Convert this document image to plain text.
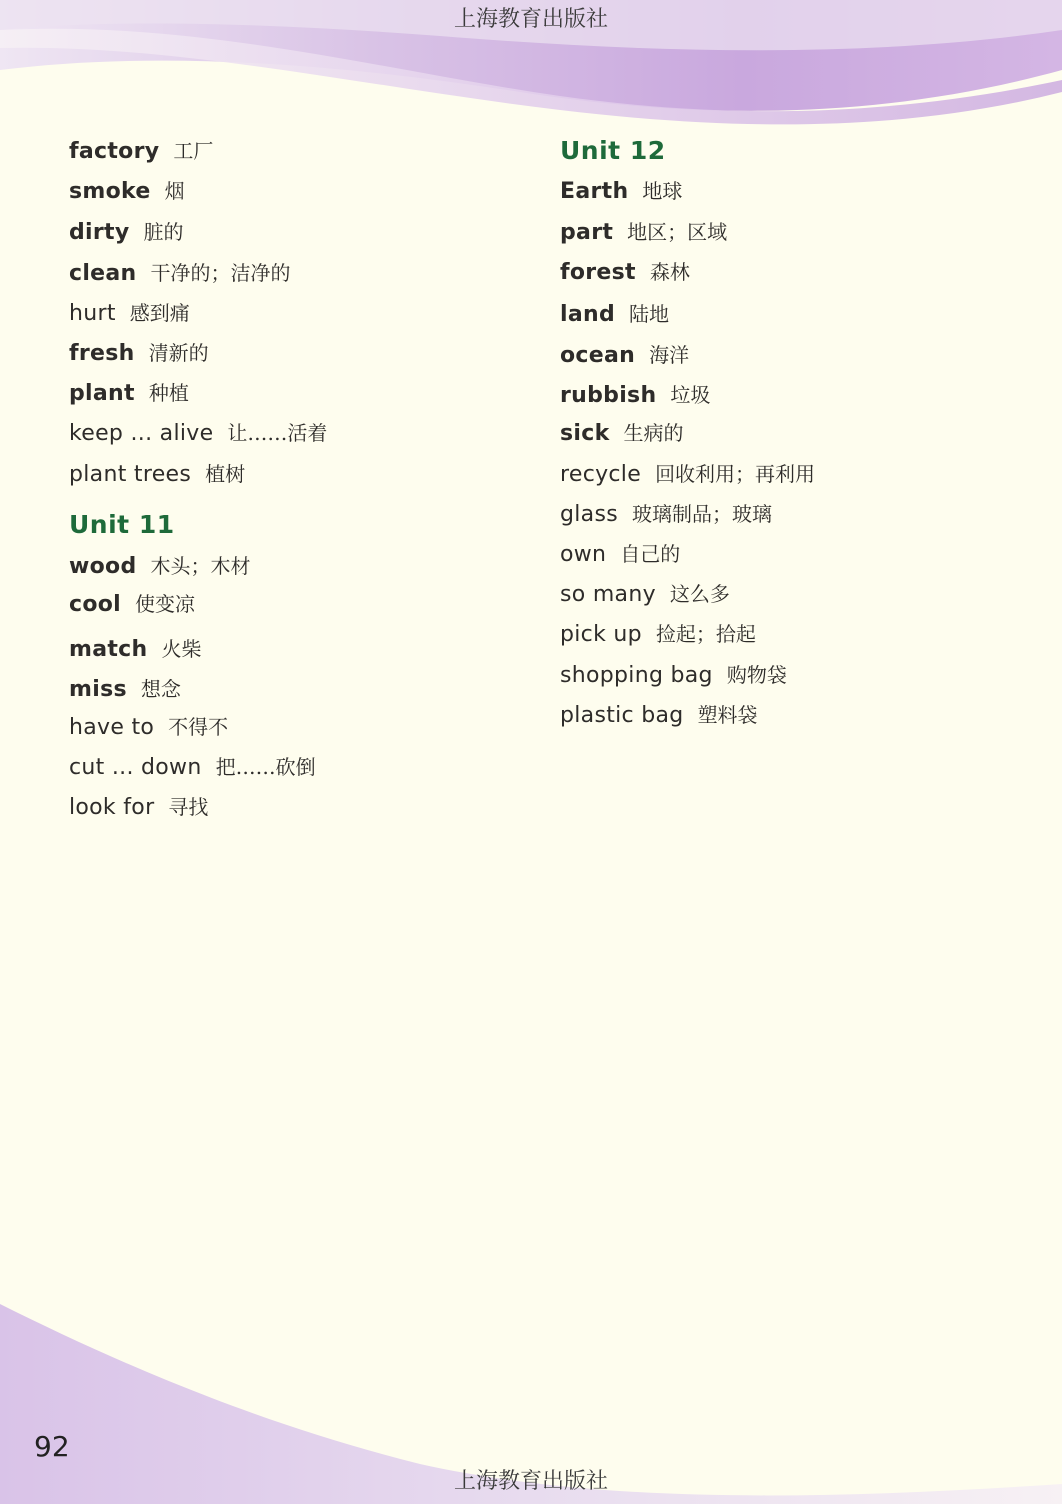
上海教育出版社
factory 工厂
smoke 烟
dirty 脏的
clean 干净的；洁净的
hurt 感到痛
fresh 清新的
plant 种植
keep ... alive 让……活着
plant trees 植树
Unit 11
wood 木头；木材
cool 使变凉
match 火柴
miss 想念
have to 不得不
cut ... down 把……砍倒
look for 寻找
Unit 12
Earth 地球
part 地区；区域
forest 森林
land 陆地
ocean 海洋
rubbish 垃圾
sick 生病的
recycle 回收利用；再利用
glass 玻璃制品；玻璃
own 自己的
so many 这么多
pick up 捡起；拾起
shopping bag 购物袋
plastic bag 塑料袋
92
上海教育出版社
